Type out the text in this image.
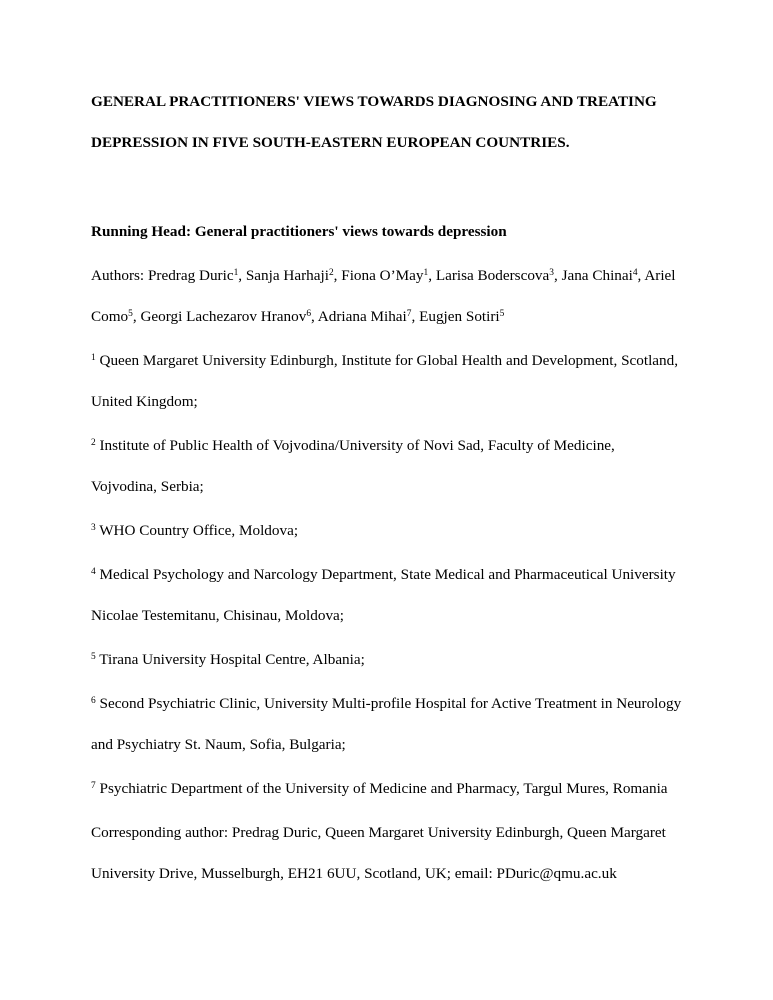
GENERAL PRACTITIONERS' VIEWS TOWARDS DIAGNOSING AND TREATING
DEPRESSION IN FIVE SOUTH-EASTERN EUROPEAN COUNTRIES.

Running Head: General practitioners' views towards depression

Authors: Predrag Duric$^1$, Sanja Harhaji$^2$, Fiona O’May$^1$, Larisa Boderscova$^3$, Jana Chinai$^4$, Ariel Como$^5$, Georgi Lachezarov Hranov$^6$, Adriana Mihai$^7$, Eugjen Sotiri$^5$

$^1$ Queen Margaret University Edinburgh, Institute for Global Health and Development, Scotland, United Kingdom;

$^2$ Institute of Public Health of Vojvodina/University of Novi Sad, Faculty of Medicine, Vojvodina, Serbia;

$^3$ WHO Country Office, Moldova;

$^4$ Medical Psychology and Narcology Department, State Medical and Pharmaceutical University Nicolae Testemitanu, Chisinau, Moldova;

$^5$ Tirana University Hospital Centre, Albania;

$^6$ Second Psychiatric Clinic, University Multi-profile Hospital for Active Treatment in Neurology and Psychiatry St. Naum, Sofia, Bulgaria;

$^7$ Psychiatric Department of the University of Medicine and Pharmacy, Targul Mures, Romania

Corresponding author: Predrag Duric, Queen Margaret University Edinburgh, Queen Margaret University Drive, Musselburgh, EH21 6UU, Scotland, UK; email: PDuric@qmu.ac.uk
